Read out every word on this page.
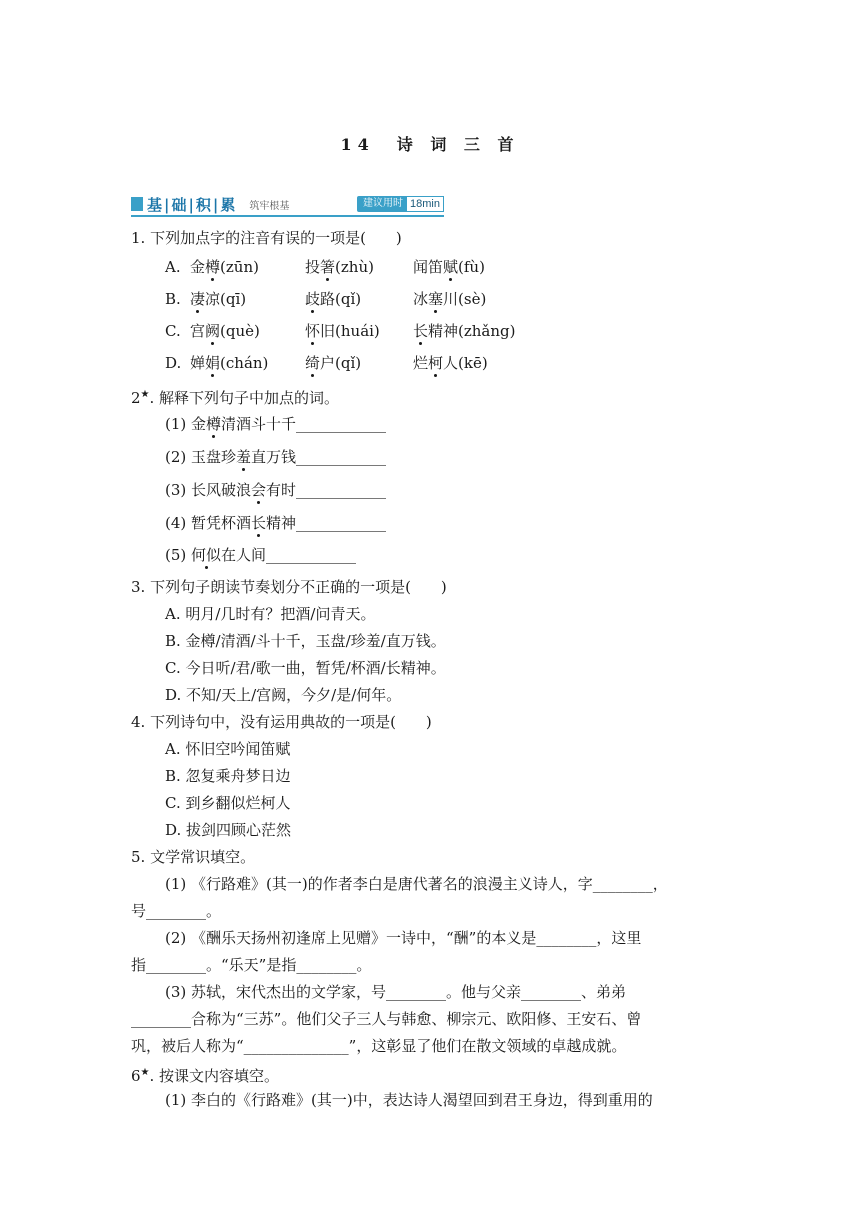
14　诗 词 三 首
基|础|积|累 筑牢根基	建议用时 18min
1. 下列加点字的注音有误的一项是(　　)
A. 金樽(zūn)	投箸(zhù)	闻笛赋(fù)
B. 凄凉(qī)	歧路(qǐ)	冰塞川(sè)
C. 宫阙(què)	怀旧(huái) 长精神(zhǎng)
D. 婵娟(chán) 绮户(qǐ)	烂柯人(kē)
2★. 解释下列句子中加点的词。
(1) 金樽清酒斗十千____________
(2) 玉盘珍羞直万钱____________
(3) 长风破浪会有时____________
(4) 暂凭杯酒长精神____________
(5) 何似在人间____________
3. 下列句子朗读节奏划分不正确的一项是(　　)
A. 明月/几时有？把酒/问青天。
B. 金樽/清酒/斗十千，玉盘/珍羞/直万钱。
C. 今日听/君/歌一曲，暂凭/杯酒/长精神。
D. 不知/天上/宫阙，今夕/是/何年。
4. 下列诗句中，没有运用典故的一项是(　　)
A. 怀旧空吟闻笛赋
B. 忽复乘舟梦日边
C. 到乡翻似烂柯人
D. 拔剑四顾心茫然
5. 文学常识填空。
(1) 《行路难》(其一)的作者李白是唐代著名的浪漫主义诗人，字________，
号________。
(2) 《酬乐天扬州初逢席上见赠》一诗中，“酬”的本义是________，这里
指________。“乐天”是指________。
(3) 苏轼，宋代杰出的文学家，号________。他与父亲________、弟弟
________合称为“三苏”。他们父子三人与韩愈、柳宗元、欧阳修、王安石、曾
巩，被后人称为“______________”，这彰显了他们在散文领域的卓越成就。
6★. 按课文内容填空。
(1) 李白的《行路难》(其一)中，表达诗人渴望回到君王身边，得到重用的
